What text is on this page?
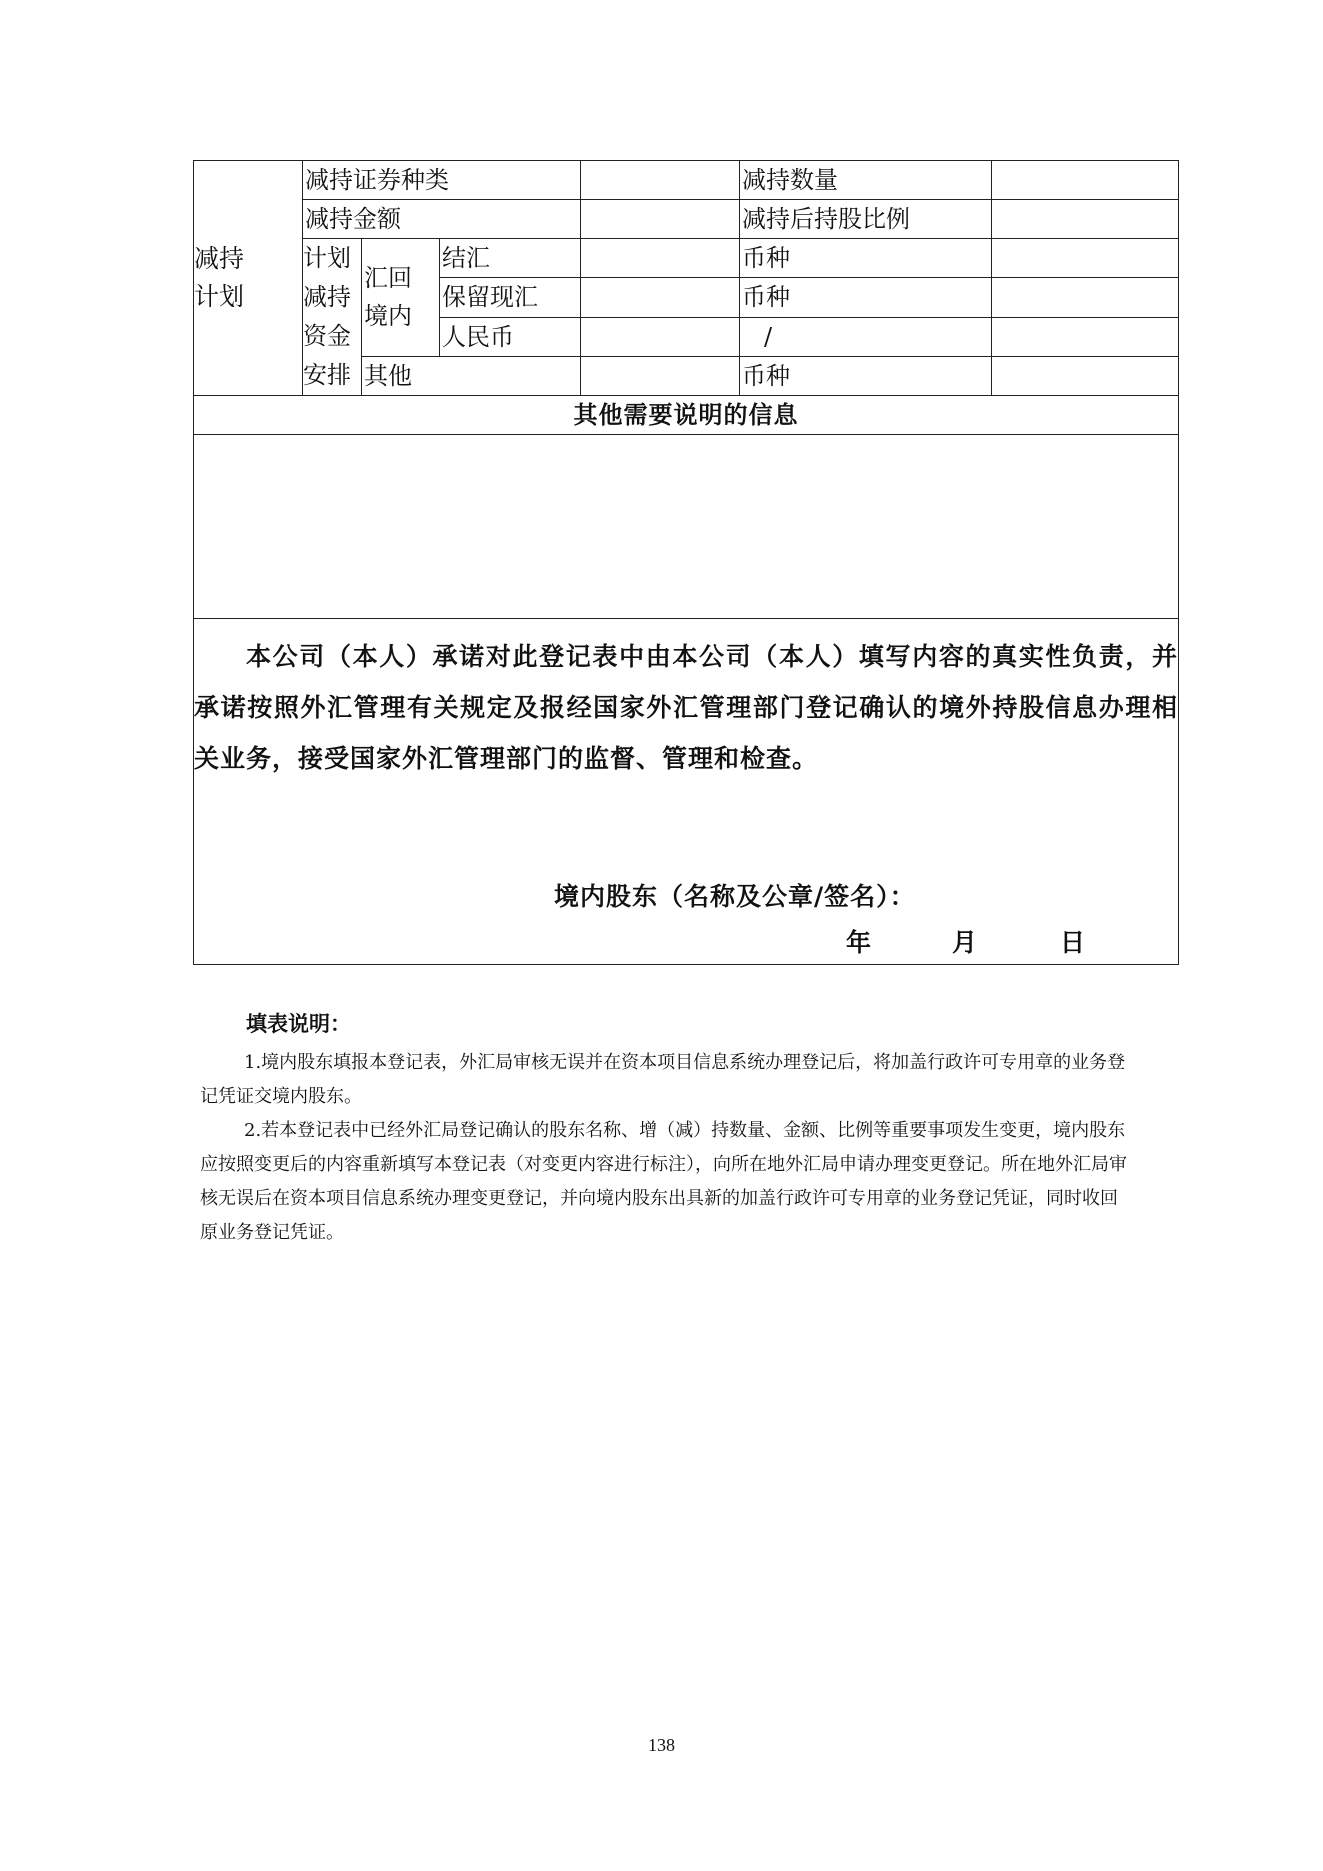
减持计划	减持证券种类				减持数量	
	减持金额				减持后持股比例	

	计划减持资金安排	汇回境内	结汇		币种	
			保留现汇		币种	
			人民币		/	
		其他			币种	
其他需要说明的信息						

本公司（本人）承诺对此登记表中由本公司（本人）填写内容的真实性负责，并承诺按照外汇管理有关规定及报经国家外汇管理部门登记确认的境外持股信息办理相关业务，接受国家外汇管理部门的监督、管理和检查。

境内股东（名称及公章/签名）：
年 月 日						
填表说明：

1.境内股东填报本登记表，外汇局审核无误并在资本项目信息系统办理登记后，将加盖行政许可专用章的业务登记凭证交境内股东。

2.若本登记表中已经外汇局登记确认的股东名称、增（减）持数量、金额、比例等重要事项发生变更，境内股东应按照变更后的内容重新填写本登记表（对变更内容进行标注），向所在地外汇局申请办理变更登记。所在地外汇局审核无误后在资本项目信息系统办理变更登记，并向境内股东出具新的加盖行政许可专用章的业务登记凭证，同时收回原业务登记凭证。

138
